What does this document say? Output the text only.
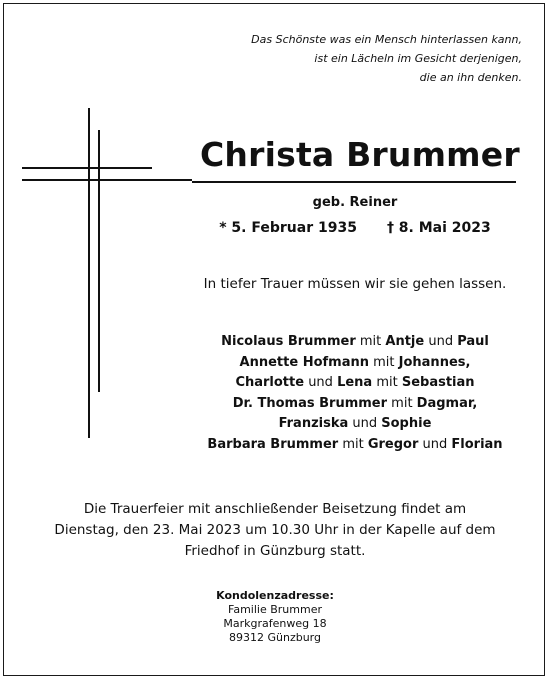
Das Schönste was ein Mensch hinterlassen kann,
ist ein Lächeln im Gesicht derjenigen,
die an ihn denken.
Christa Brummer
geb. Reiner
* 5. Februar 1935 † 8. Mai 2023
In tiefer Trauer müssen wir sie gehen lassen.
Nicolaus Brummer mit Antje und Paul
Annette Hofmann mit Johannes,
Charlotte und Lena mit Sebastian
Dr. Thomas Brummer mit Dagmar,
Franziska und Sophie
Barbara Brummer mit Gregor und Florian
Die Trauerfeier mit anschließender Beisetzung findet am
Dienstag, den 23. Mai 2023 um 10.30 Uhr in der Kapelle auf dem
Friedhof in Günzburg statt.
Kondolenzadresse:
Familie Brummer
Markgrafenweg 18
89312 Günzburg
